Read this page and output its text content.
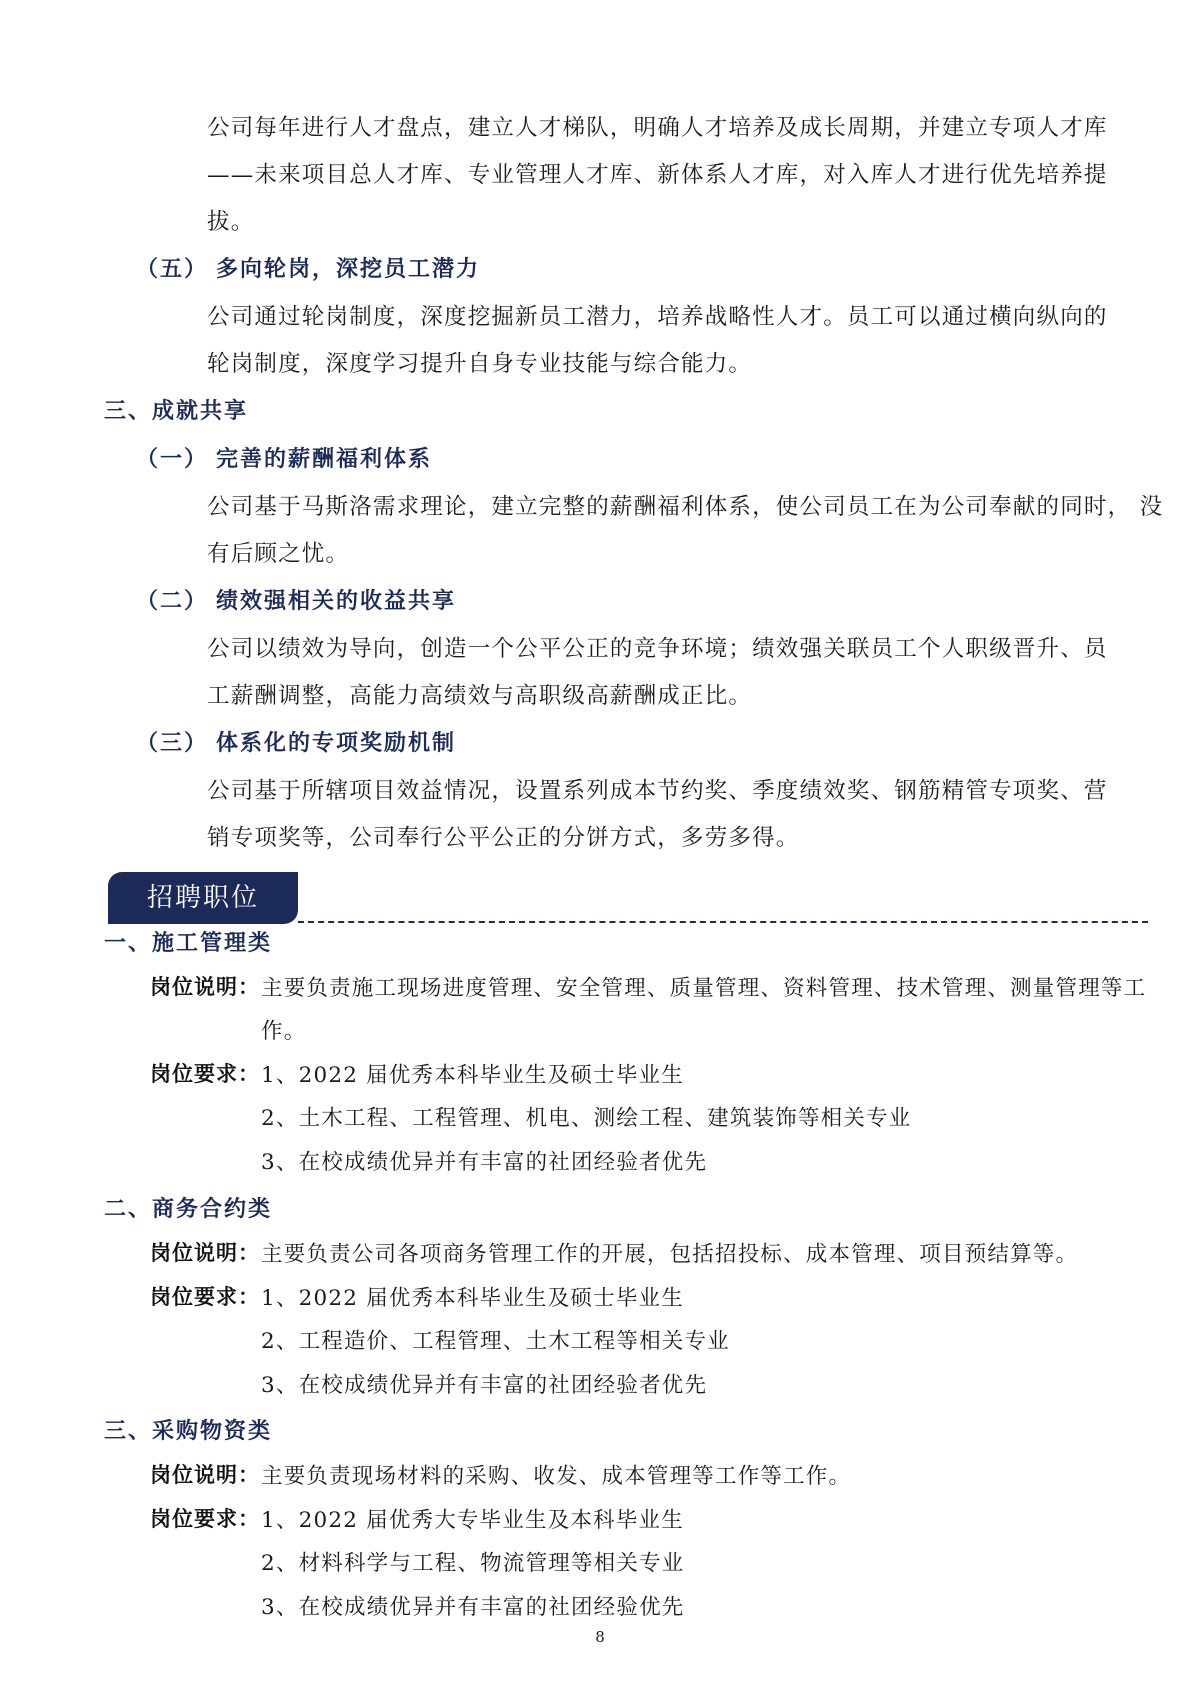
公司每年进行人才盘点，建立人才梯队，明确人才培养及成长周期，并建立专项人才库

——未来项目总人才库、专业管理人才库、新体系人才库，对入库人才进行优先培养提

拔。

（五） 多向轮岗，深挖员工潜力

公司通过轮岗制度，深度挖掘新员工潜力，培养战略性人才。员工可以通过横向纵向的

轮岗制度，深度学习提升自身专业技能与综合能力。

三、成就共享
（一） 完善的薪酬福利体系

公司基于马斯洛需求理论，建立完整的薪酬福利体系，使公司员工在为公司奉献的同时， 没

有后顾之忧。

（二） 绩效强相关的收益共享

公司以绩效为导向，创造一个公平公正的竞争环境；绩效强关联员工个人职级晋升、员

工薪酬调整，高能力高绩效与高职级高薪酬成正比。

（三） 体系化的专项奖励机制

公司基于所辖项目效益情况，设置系列成本节约奖、季度绩效奖、钢筋精管专项奖、营

销专项奖等，公司奉行公平公正的分饼方式，多劳多得。

招聘职位
一、施工管理类
岗位说明： 主要负责施工现场进度管理、安全管理、质量管理、资料管理、技术管理、测量管理等工

作。

岗位要求： 1、2022 届优秀本科毕业生及硕士毕业生

2、土木工程、工程管理、机电、测绘工程、建筑装饰等相关专业

3、在校成绩优异并有丰富的社团经验者优先

二、商务合约类
岗位说明： 主要负责公司各项商务管理工作的开展，包括招投标、成本管理、项目预结算等。

岗位要求： 1、2022 届优秀本科毕业生及硕士毕业生

2、工程造价、工程管理、土木工程等相关专业

3、在校成绩优异并有丰富的社团经验者优先

三、采购物资类
岗位说明： 主要负责现场材料的采购、收发、成本管理等工作等工作。

岗位要求： 1、2022 届优秀大专毕业生及本科毕业生

2、材料科学与工程、物流管理等相关专业

3、在校成绩优异并有丰富的社团经验优先

8
